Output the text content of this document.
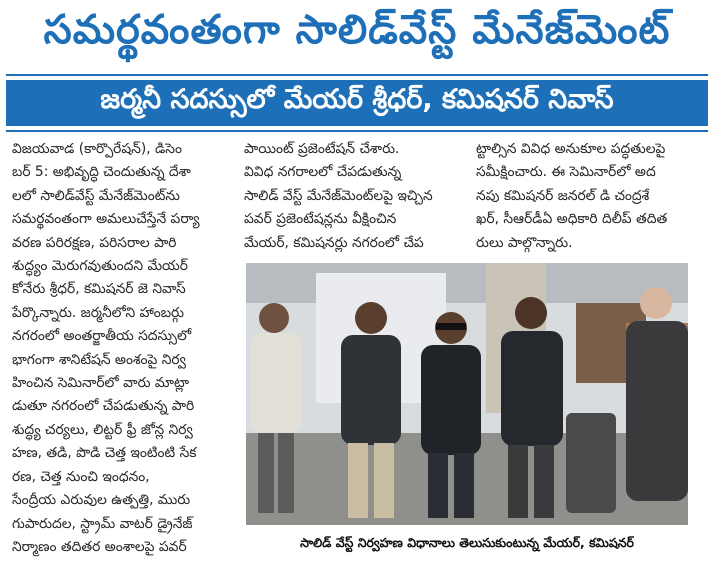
సమర్థవంతంగా సాలిడ్‌వేస్ట్ మేనేజ్‌మెంట్
జర్మనీ సదస్సులో మేయర్ శ్రీధర్, కమిషనర్ నివాస్
విజయవాడ (కార్పొరేషన్), డిసెం
బర్ 5: అభివృద్ధి చెందుతున్న దేశా
లలో సాలిడ్‌వేస్ట్ మేనేజ్‌మెంట్‌ను
సమర్థవంతంగా అమలుచేస్తేనే పర్యా
వరణ పరిరక్షణ, పరిసరాల పారి
శుద్ధ్యం మెరుగవుతుందని మేయర్
కోనేరు శ్రీధర్, కమిషనర్ జె నివాస్
పేర్కొన్నారు. జర్మనీలోని హాంబర్గు
నగరంలో అంతర్జాతీయ సదస్సులో
భాగంగా శానిటేషన్ అంశంపై నిర్వ
హించిన సెమినార్‌లో వారు మాట్లా
డుతూ నగరంలో చేపడుతున్న పారి
శుద్ధ్య చర్యలు, లిట్టర్ ఫ్రీ జోన్ల నిర్వ
హణ, తడి, పొడి చెత్త ఇంటింటి సేక
రణ, చెత్త నుంచి ఇంధనం,
సేంద్రీయ ఎరువుల ఉత్పత్తి, మురు
గుపారుదల, స్ట్రామ్ వాటర్ డ్రైనేజ్
నిర్మాణం తదితర అంశాలపై పవర్
పాయింట్ ప్రజెంటేషన్ చేశారు.
వివిధ నగరాలలో చేపడుతున్న
సాలిడ్ వేస్ట్ మేనేజ్‌మెంట్‌లపై ఇచ్చిన
పవర్ ప్రజెంటేషన్లను వీక్షించిన
మేయర్, కమిషనర్లు నగరంలో చేప
ట్టాల్సిన వివిధ అనుకూల పద్ధతులపై
సమీక్షించారు. ఈ సెమినార్‌లో అద
నపు కమిషనర్ జనరల్ డి చంద్రశే
ఖర్, సీఆర్‌డీఏ అధికారి దిలీప్ తదిత
రులు పాల్గొన్నారు.
సాలిడ్ వేస్ట్ నిర్వహణ విధానాలు తెలుసుకుంటున్న మేయర్, కమిషనర్
